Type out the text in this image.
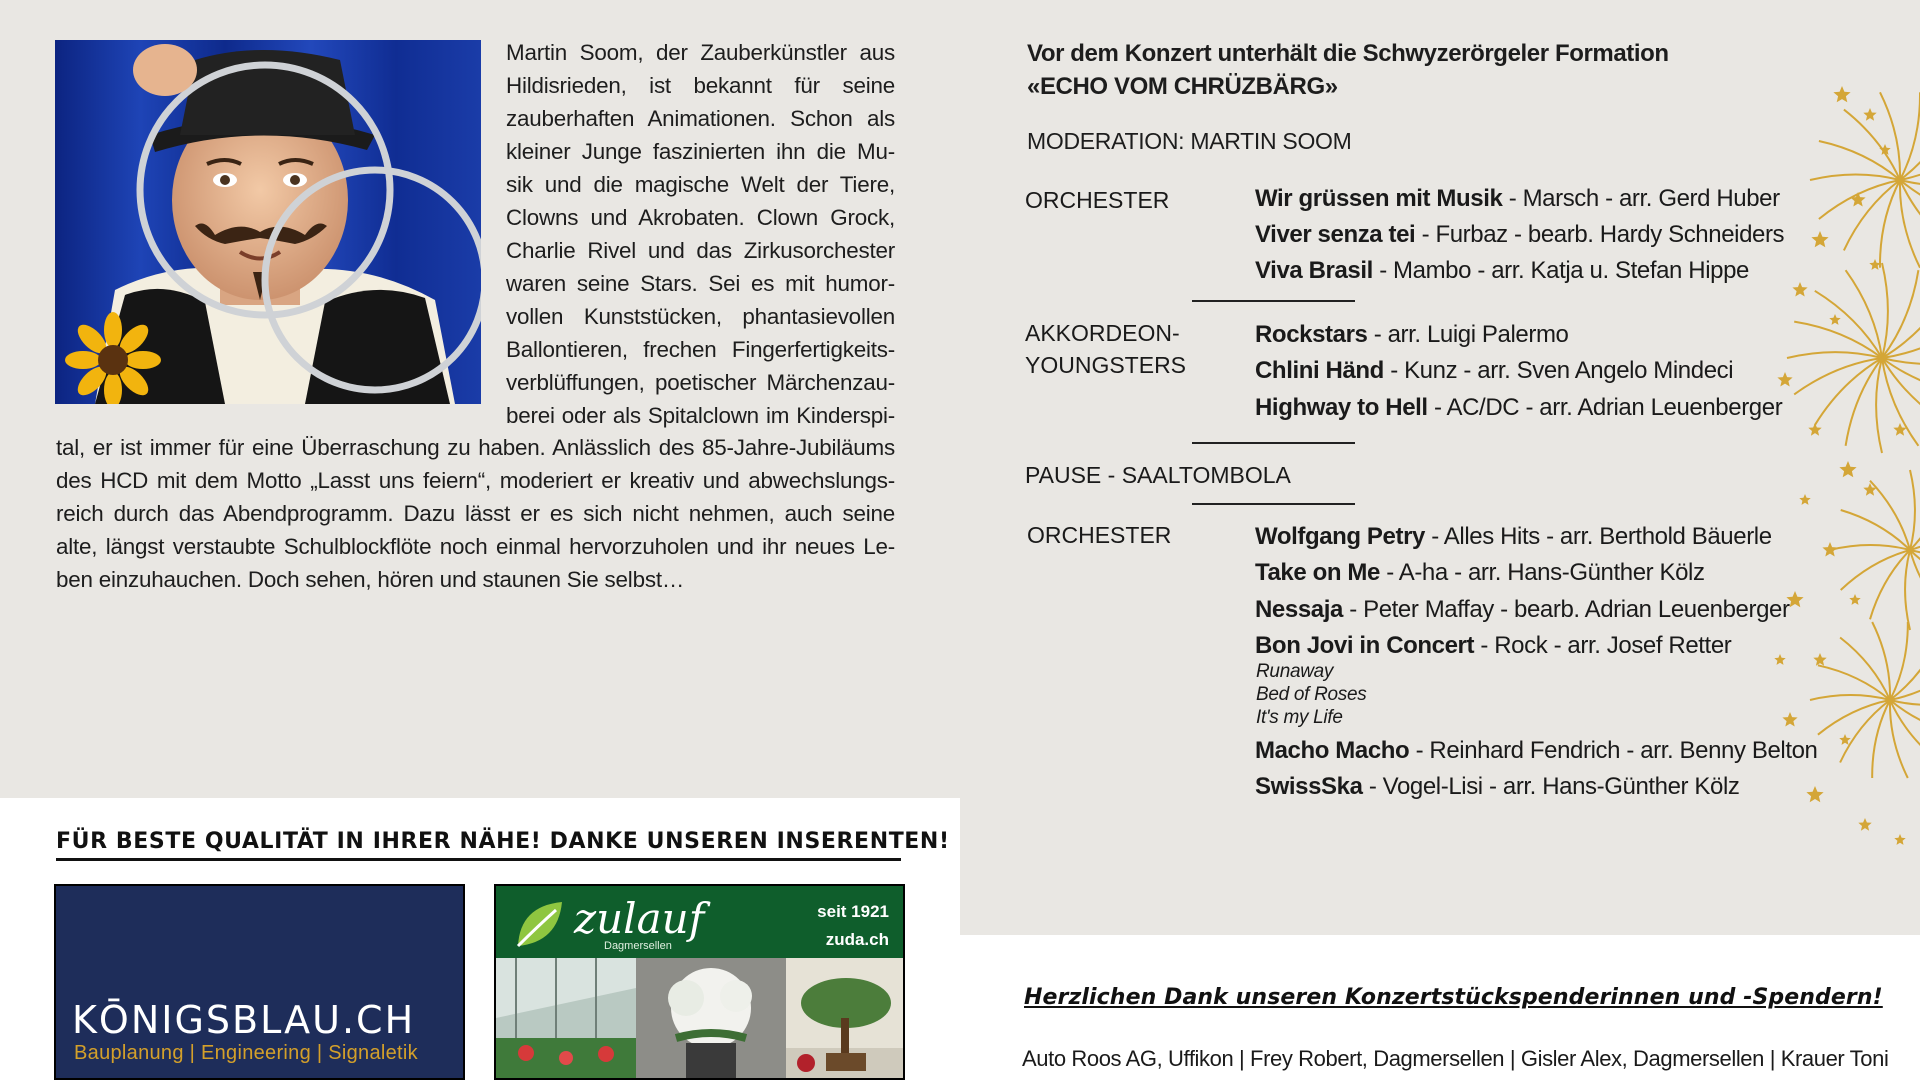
Martin Soom, der Zauberkünstler aus
Hildisrieden, ist bekannt für seine
zauberhaften Animationen. Schon als
kleiner Junge faszinierten ihn die Mu-
sik und die magische Welt der Tiere,
Clowns und Akrobaten. Clown Grock,
Charlie Rivel und das Zirkusorchester
waren seine Stars. Sei es mit humor-
vollen Kunststücken, phantasievollen
Ballontieren, frechen Fingerfertigkeits-
verblüffungen, poetischer Märchenzau-
berei oder als Spitalclown im Kinderspi-
tal, er ist immer für eine Überraschung zu haben. Anlässlich des 85-Jahre-Jubiläums
des HCD mit dem Motto „Lasst uns feiern“, moderiert er kreativ und abwechslungs-
reich durch das Abendprogramm. Dazu lässt er es sich nicht nehmen, auch seine
alte, längst verstaubte Schulblockflöte noch einmal hervorzuholen und ihr neues Le-
ben einzuhauchen. Doch sehen, hören und staunen Sie selbst…
Vor dem Konzert unterhält die Schwyzerörgeler Formation
«ECHO VOM CHRÜZBÄRG»
MODERATION: MARTIN SOOM
ORCHESTER	Wir grüssen mit Musik - Marsch - arr. Gerd Huber
Viver senza tei - Furbaz - bearb. Hardy Schneiders
Viva Brasil - Mambo - arr. Katja u. Stefan Hippe
AKKORDEON-
YOUNGSTERS
Rockstars - arr. Luigi Palermo
Chlini Händ - Kunz - arr. Sven Angelo Mindeci
Highway to Hell - AC/DC - arr. Adrian Leuenberger
PAUSE - SAALTOMBOLA
ORCHESTER	Wolfgang Petry - Alles Hits - arr. Berthold Bäuerle
Take on Me - A-ha - arr. Hans-Günther Kölz
Nessaja - Peter Maffay - bearb. Adrian Leuenberger
Bon Jovi in Concert - Rock - arr. Josef Retter
Runaway
Bed of Roses
It's my Life
Macho Macho - Reinhard Fendrich - arr. Benny Belton
SwissSka - Vogel-Lisi - arr. Hans-Günther Kölz
FÜR BESTE QUALITÄT IN IHRER NÄHE! DANKE UNSEREN INSERENTEN!
KŌNIGSBLAU.CH
Bauplanung | Engineering | Signaletik
zulauf
Dagmersellen
seit 1921
zuda.ch
Herzlichen Dank unseren Konzertstückspenderinnen und -Spendern!
Auto Roos AG, Uffikon | Frey Robert, Dagmersellen | Gisler Alex, Dagmersellen | Krauer Toni
